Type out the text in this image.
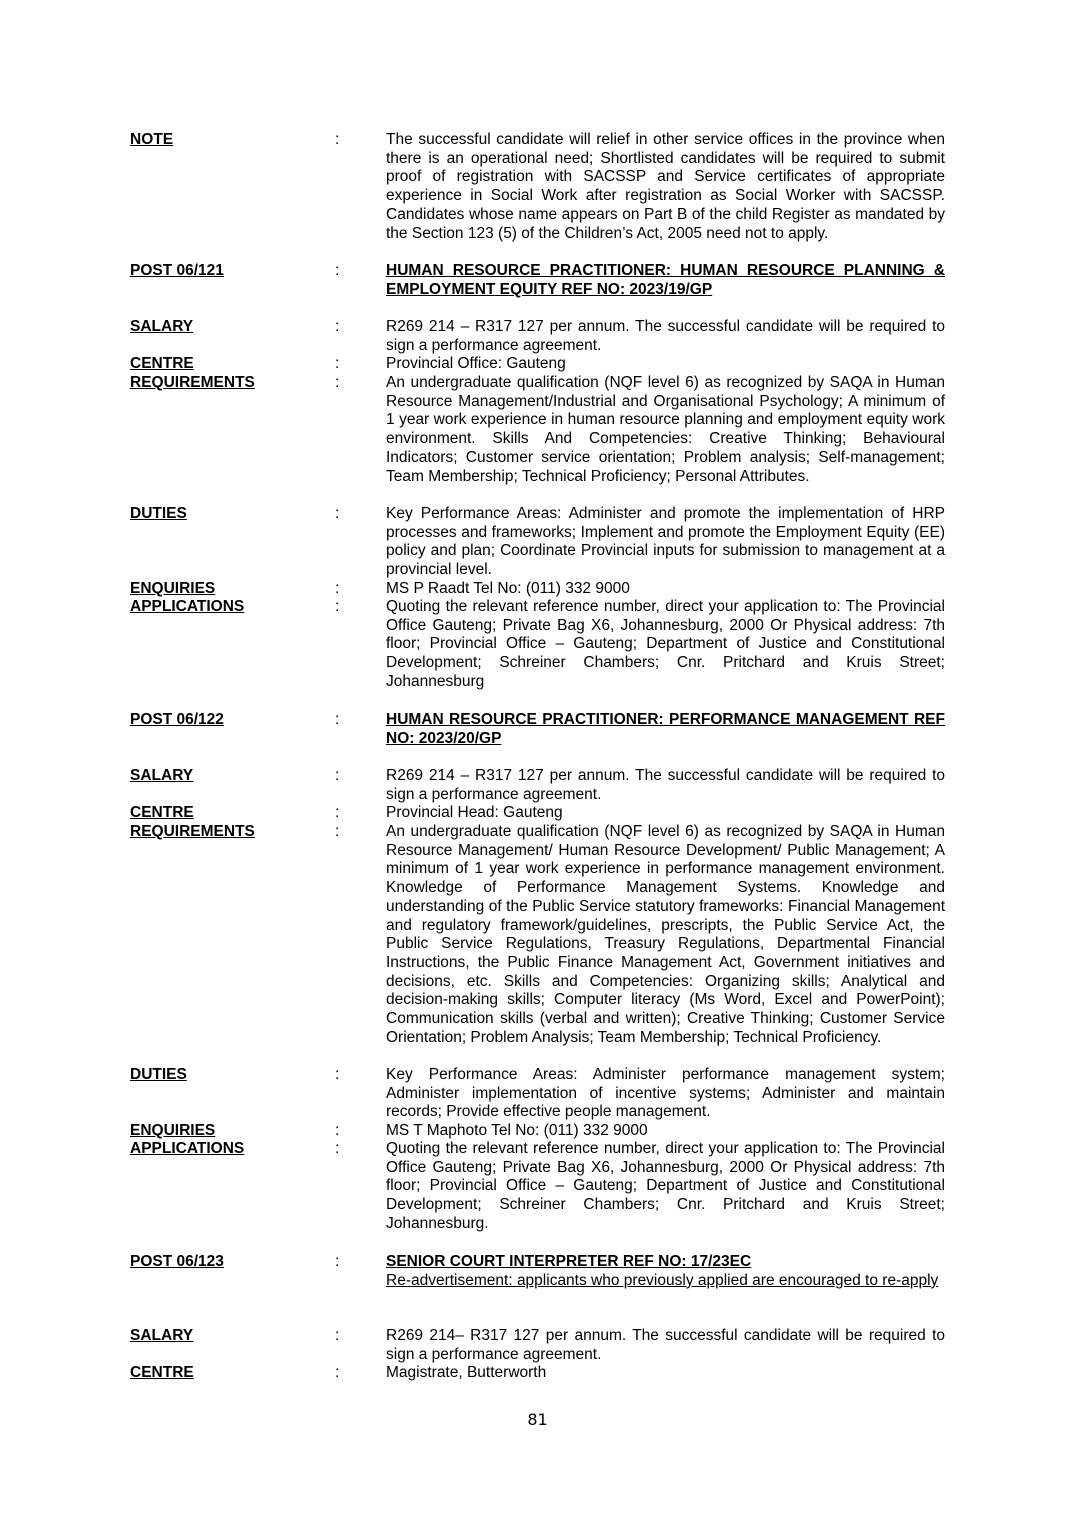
NOTE	:	The successful candidate will relief in other service offices in the province when there is an operational need; Shortlisted candidates will be required to submit proof of registration with SACSSP and Service certificates of appropriate experience in Social Work after registration as Social Worker with SACSSP. Candidates whose name appears on Part B of the child Register as mandated by the Section 123 (5) of the Children’s Act, 2005 need not to apply.
POST 06/121	:	HUMAN RESOURCE PRACTITIONER: HUMAN RESOURCE PLANNING & EMPLOYMENT EQUITY REF NO: 2023/19/GP
SALARY	:	R269 214 – R317 127 per annum. The successful candidate will be required to sign a performance agreement.
CENTRE	:	Provincial Office: Gauteng
REQUIREMENTS	:	An undergraduate qualification (NQF level 6) as recognized by SAQA in Human Resource Management/Industrial and Organisational Psychology; A minimum of 1 year work experience in human resource planning and employment equity work environment. Skills And Competencies: Creative Thinking; Behavioural Indicators; Customer service orientation; Problem analysis; Self-management; Team Membership; Technical Proficiency; Personal Attributes.
DUTIES	:	Key Performance Areas: Administer and promote the implementation of HRP processes and frameworks; Implement and promote the Employment Equity (EE) policy and plan; Coordinate Provincial inputs for submission to management at a provincial level.
ENQUIRIES	:	MS P Raadt Tel No: (011) 332 9000
APPLICATIONS	:	Quoting the relevant reference number, direct your application to: The Provincial Office Gauteng; Private Bag X6, Johannesburg, 2000 Or Physical address: 7th floor; Provincial Office – Gauteng; Department of Justice and Constitutional Development; Schreiner Chambers; Cnr. Pritchard and Kruis Street; Johannesburg
POST 06/122	:	HUMAN RESOURCE PRACTITIONER: PERFORMANCE MANAGEMENT REF NO: 2023/20/GP
SALARY	:	R269 214 – R317 127 per annum. The successful candidate will be required to sign a performance agreement.
CENTRE	:	Provincial Head: Gauteng
REQUIREMENTS	:	An undergraduate qualification (NQF level 6) as recognized by SAQA in Human Resource Management/ Human Resource Development/ Public Management; A minimum of 1 year work experience in performance management environment. Knowledge of Performance Management Systems. Knowledge and understanding of the Public Service statutory frameworks: Financial Management and regulatory framework/guidelines, prescripts, the Public Service Act, the Public Service Regulations, Treasury Regulations, Departmental Financial Instructions, the Public Finance Management Act, Government initiatives and decisions, etc. Skills and Competencies: Organizing skills; Analytical and decision-making skills; Computer literacy (Ms Word, Excel and PowerPoint); Communication skills (verbal and written); Creative Thinking; Customer Service Orientation; Problem Analysis; Team Membership; Technical Proficiency.
DUTIES	:	Key Performance Areas: Administer performance management system; Administer implementation of incentive systems; Administer and maintain records; Provide effective people management.
ENQUIRIES	:	MS T Maphoto Tel No: (011) 332 9000
APPLICATIONS	:	Quoting the relevant reference number, direct your application to: The Provincial Office Gauteng; Private Bag X6, Johannesburg, 2000 Or Physical address: 7th floor; Provincial Office – Gauteng; Department of Justice and Constitutional Development; Schreiner Chambers; Cnr. Pritchard and Kruis Street; Johannesburg.
POST 06/123	:	SENIOR COURT INTERPRETER REF NO: 17/23EC
Re-advertisement: applicants who previously applied are encouraged to re-apply
SALARY	:	R269 214– R317 127 per annum. The successful candidate will be required to sign a performance agreement.
CENTRE	:	Magistrate, Butterworth
81
